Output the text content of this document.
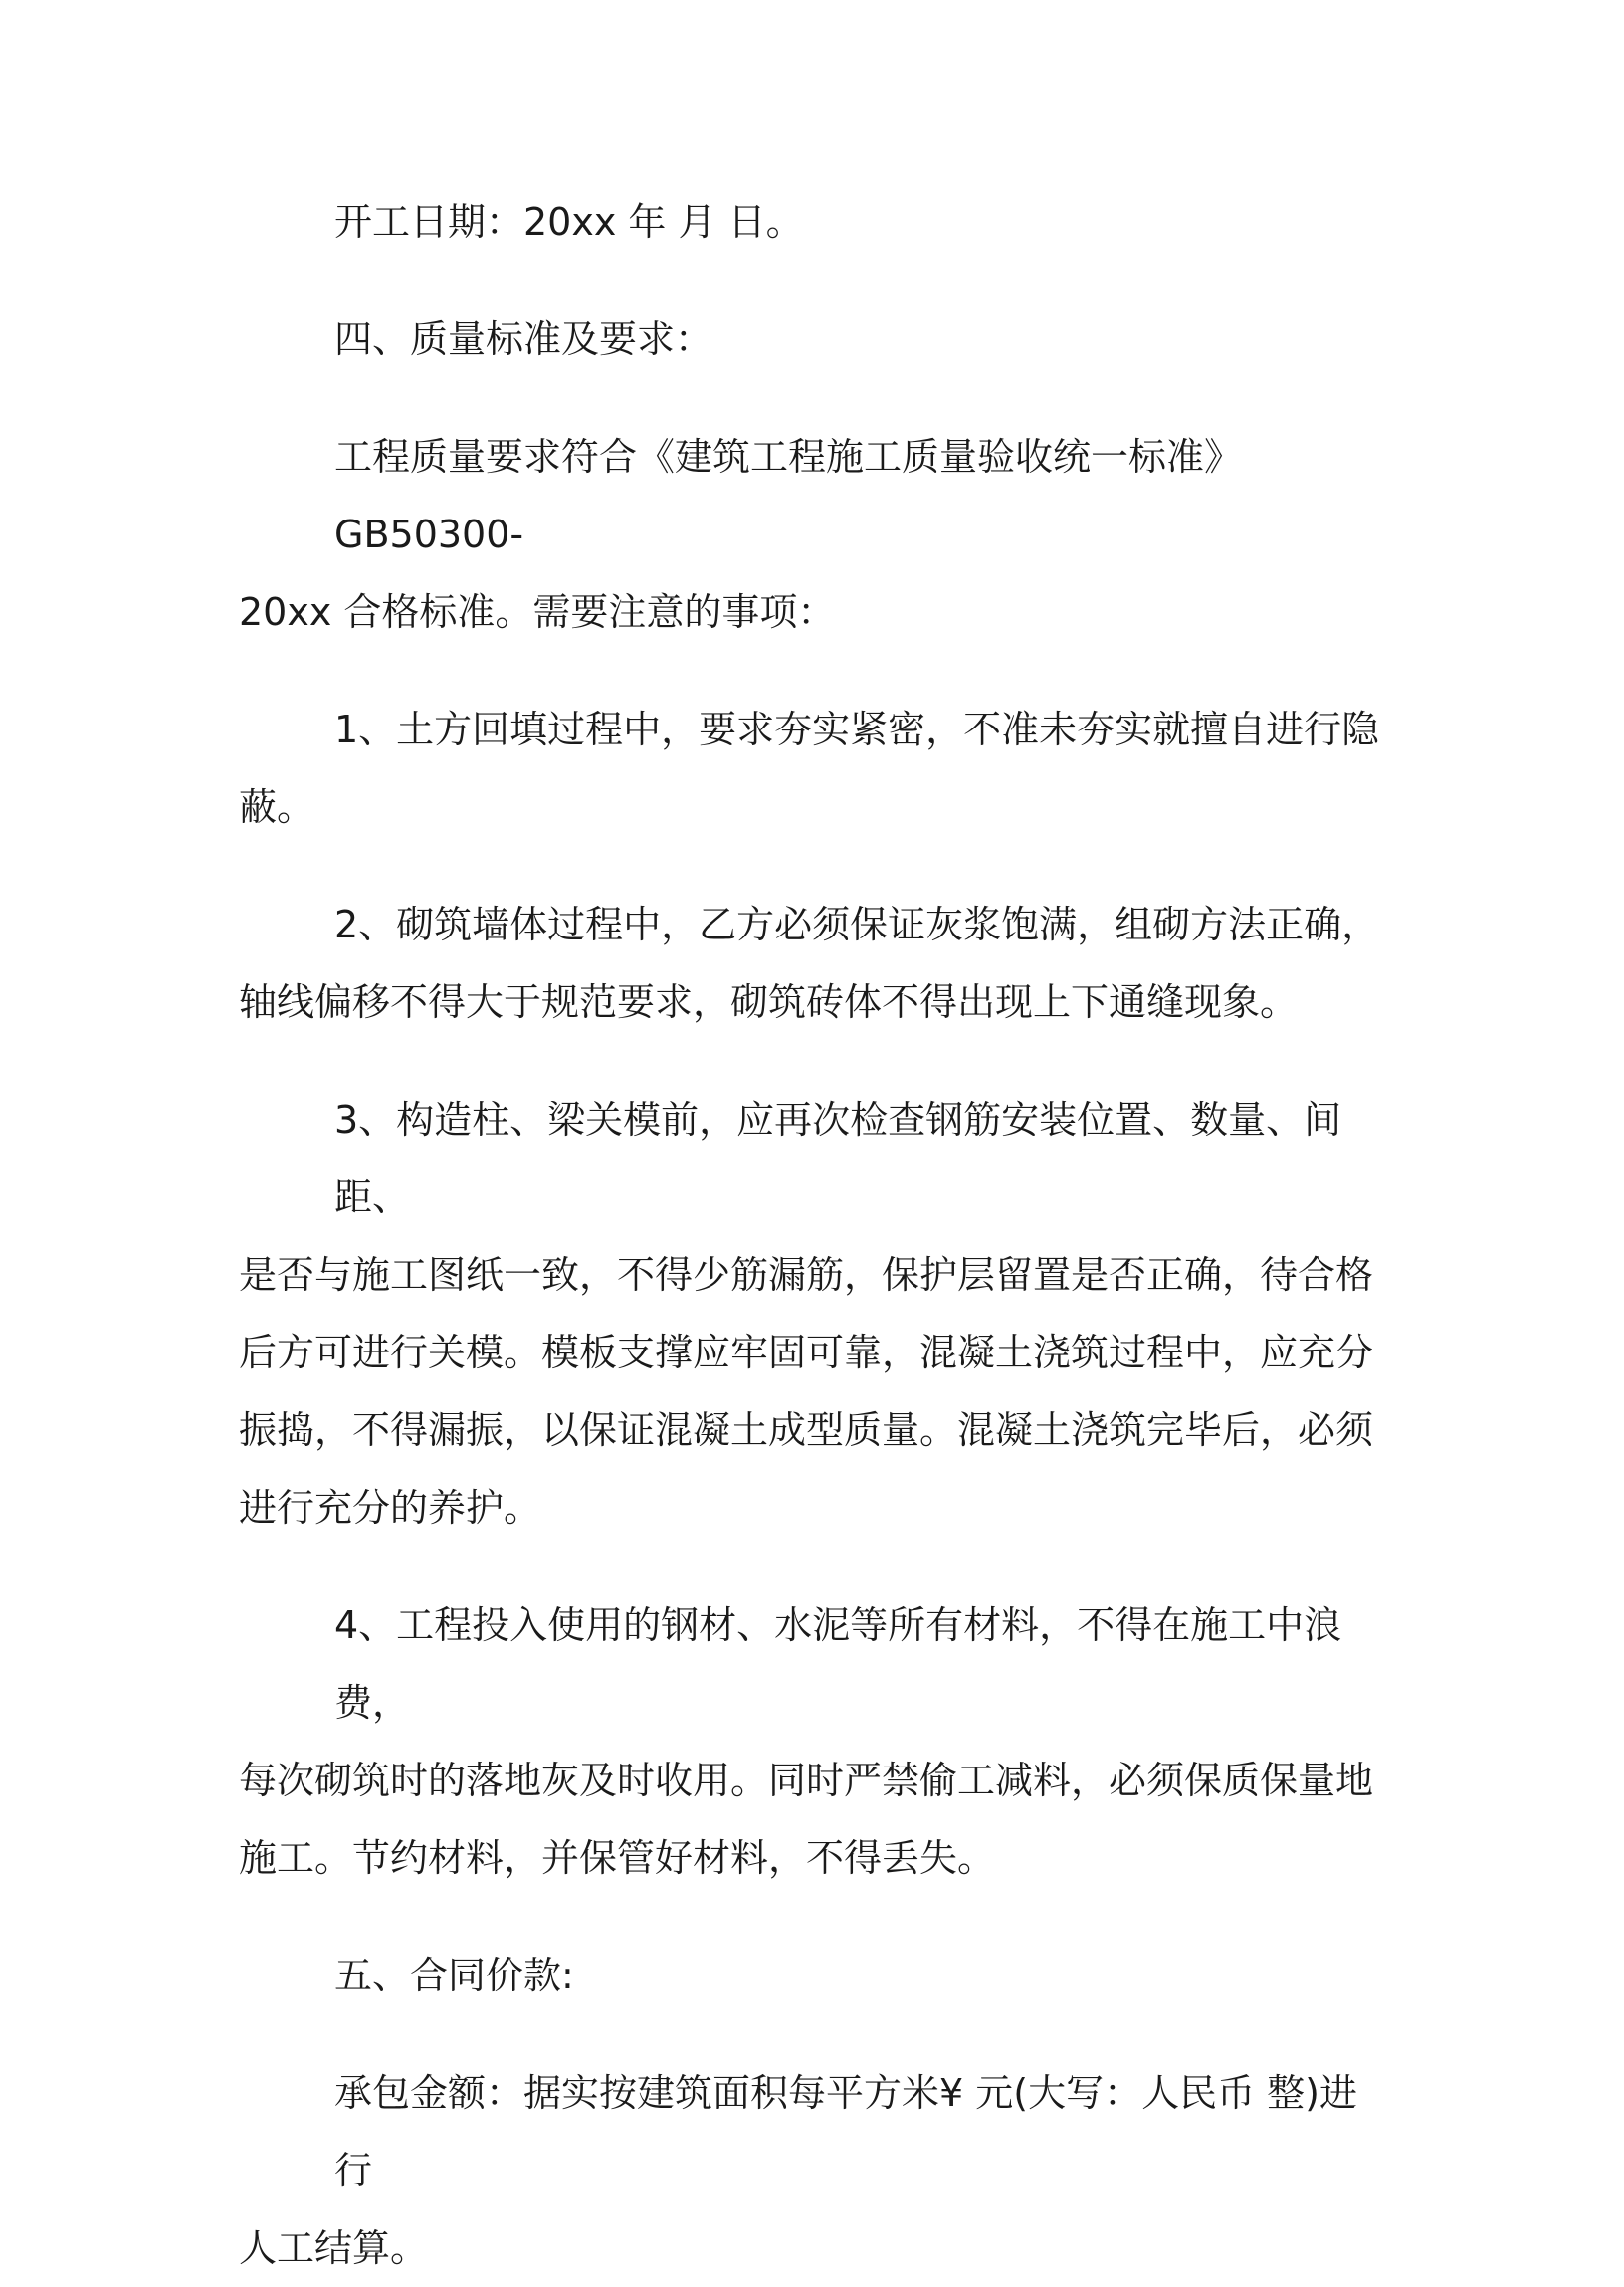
开工日期：20xx 年 月 日。
四、质量标准及要求：
工程质量要求符合《建筑工程施工质量验收统一标准》GB50300-
20xx 合格标准。需要注意的事项：
1、土方回填过程中，要求夯实紧密，不准未夯实就擅自进行隐
蔽。
2、砌筑墙体过程中，乙方必须保证灰浆饱满，组砌方法正确，
轴线偏移不得大于规范要求，砌筑砖体不得出现上下通缝现象。
3、构造柱、梁关模前，应再次检查钢筋安装位置、数量、间距、
是否与施工图纸一致，不得少筋漏筋，保护层留置是否正确，待合格
后方可进行关模。模板支撑应牢固可靠，混凝土浇筑过程中，应充分
振捣，不得漏振，以保证混凝土成型质量。混凝土浇筑完毕后，必须
进行充分的养护。
4、工程投入使用的钢材、水泥等所有材料，不得在施工中浪费，
每次砌筑时的落地灰及时收用。同时严禁偷工减料，必须保质保量地
施工。节约材料，并保管好材料，不得丢失。
五、合同价款:
承包金额：据实按建筑面积每平方米¥ 元(大写：人民币 整)进行
人工结算。
